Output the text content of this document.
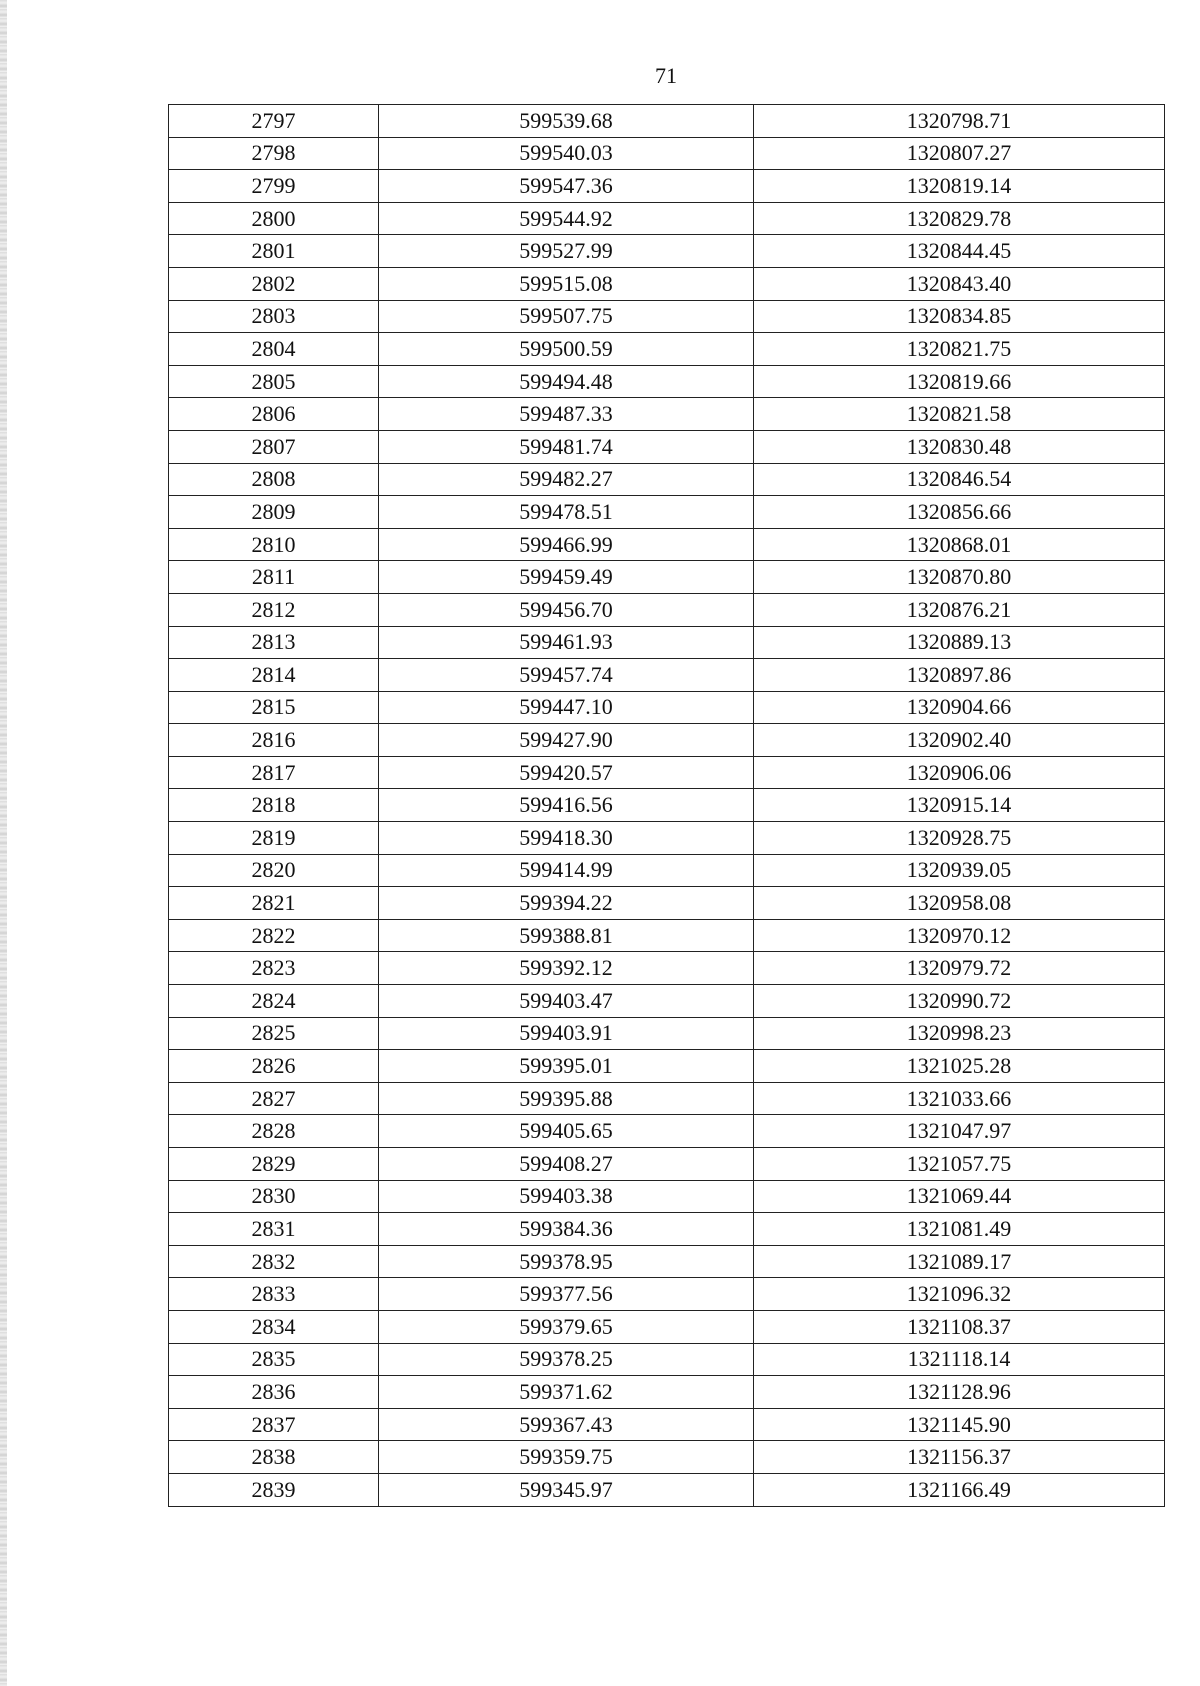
71
2797	599539.68	1320798.71
2798	599540.03	1320807.27
2799	599547.36	1320819.14
2800	599544.92	1320829.78
2801	599527.99	1320844.45
2802	599515.08	1320843.40
2803	599507.75	1320834.85
2804	599500.59	1320821.75
2805	599494.48	1320819.66
2806	599487.33	1320821.58
2807	599481.74	1320830.48
2808	599482.27	1320846.54
2809	599478.51	1320856.66
2810	599466.99	1320868.01
2811	599459.49	1320870.80
2812	599456.70	1320876.21
2813	599461.93	1320889.13
2814	599457.74	1320897.86
2815	599447.10	1320904.66
2816	599427.90	1320902.40
2817	599420.57	1320906.06
2818	599416.56	1320915.14
2819	599418.30	1320928.75
2820	599414.99	1320939.05
2821	599394.22	1320958.08
2822	599388.81	1320970.12
2823	599392.12	1320979.72
2824	599403.47	1320990.72
2825	599403.91	1320998.23
2826	599395.01	1321025.28
2827	599395.88	1321033.66
2828	599405.65	1321047.97
2829	599408.27	1321057.75
2830	599403.38	1321069.44
2831	599384.36	1321081.49
2832	599378.95	1321089.17
2833	599377.56	1321096.32
2834	599379.65	1321108.37
2835	599378.25	1321118.14
2836	599371.62	1321128.96
2837	599367.43	1321145.90
2838	599359.75	1321156.37
2839	599345.97	1321166.49
